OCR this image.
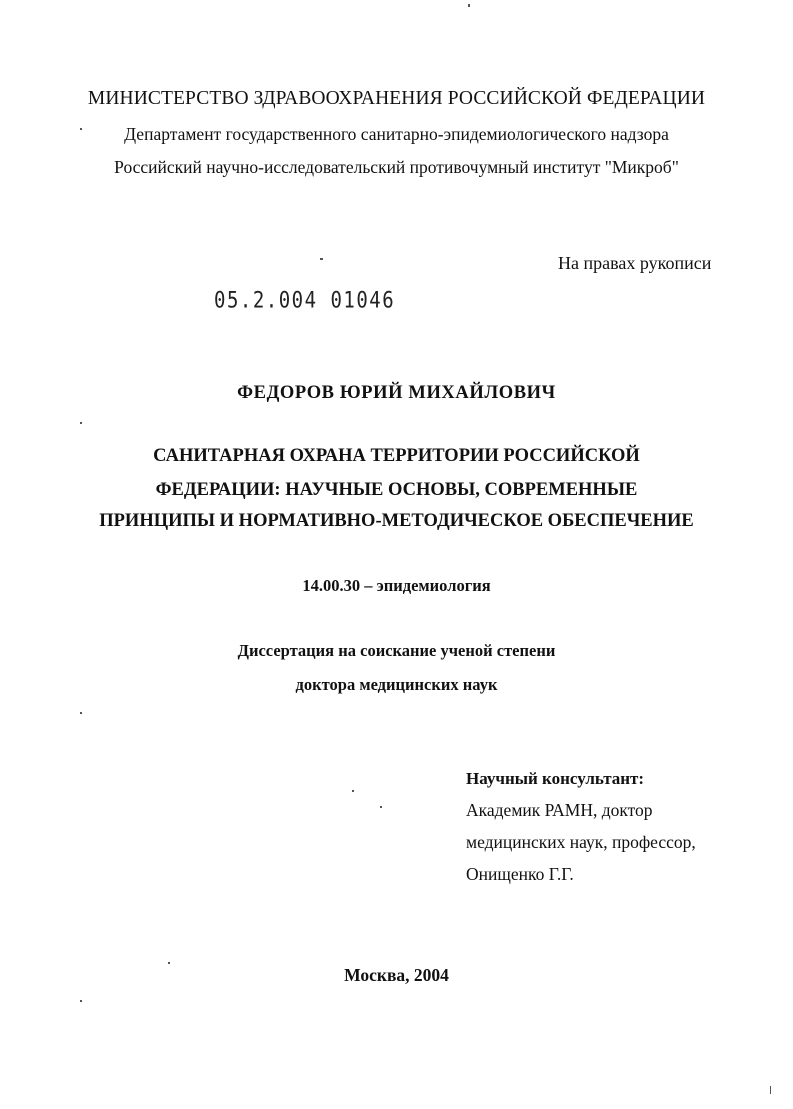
МИНИСТЕРСТВО ЗДРАВООХРАНЕНИЯ РОССИЙСКОЙ ФЕДЕРАЦИИ
Департамент государственного санитарно-эпидемиологического надзора
Российский научно-исследовательский противочумный институт "Микроб"
На правах рукописи
05.2.004 01046
ФЕДОРОВ ЮРИЙ МИХАЙЛОВИЧ
САНИТАРНАЯ ОХРАНА ТЕРРИТОРИИ РОССИЙСКОЙ
ФЕДЕРАЦИИ: НАУЧНЫЕ ОСНОВЫ, СОВРЕМЕННЫЕ
ПРИНЦИПЫ И НОРМАТИВНО-МЕТОДИЧЕСКОЕ ОБЕСПЕЧЕНИЕ
14.00.30 – эпидемиология
Диссертация на соискание ученой степени
доктора медицинских наук
Научный консультант:
Академик РАМН, доктор
медицинских наук, профессор,
Онищенко Г.Г.
Москва, 2004
